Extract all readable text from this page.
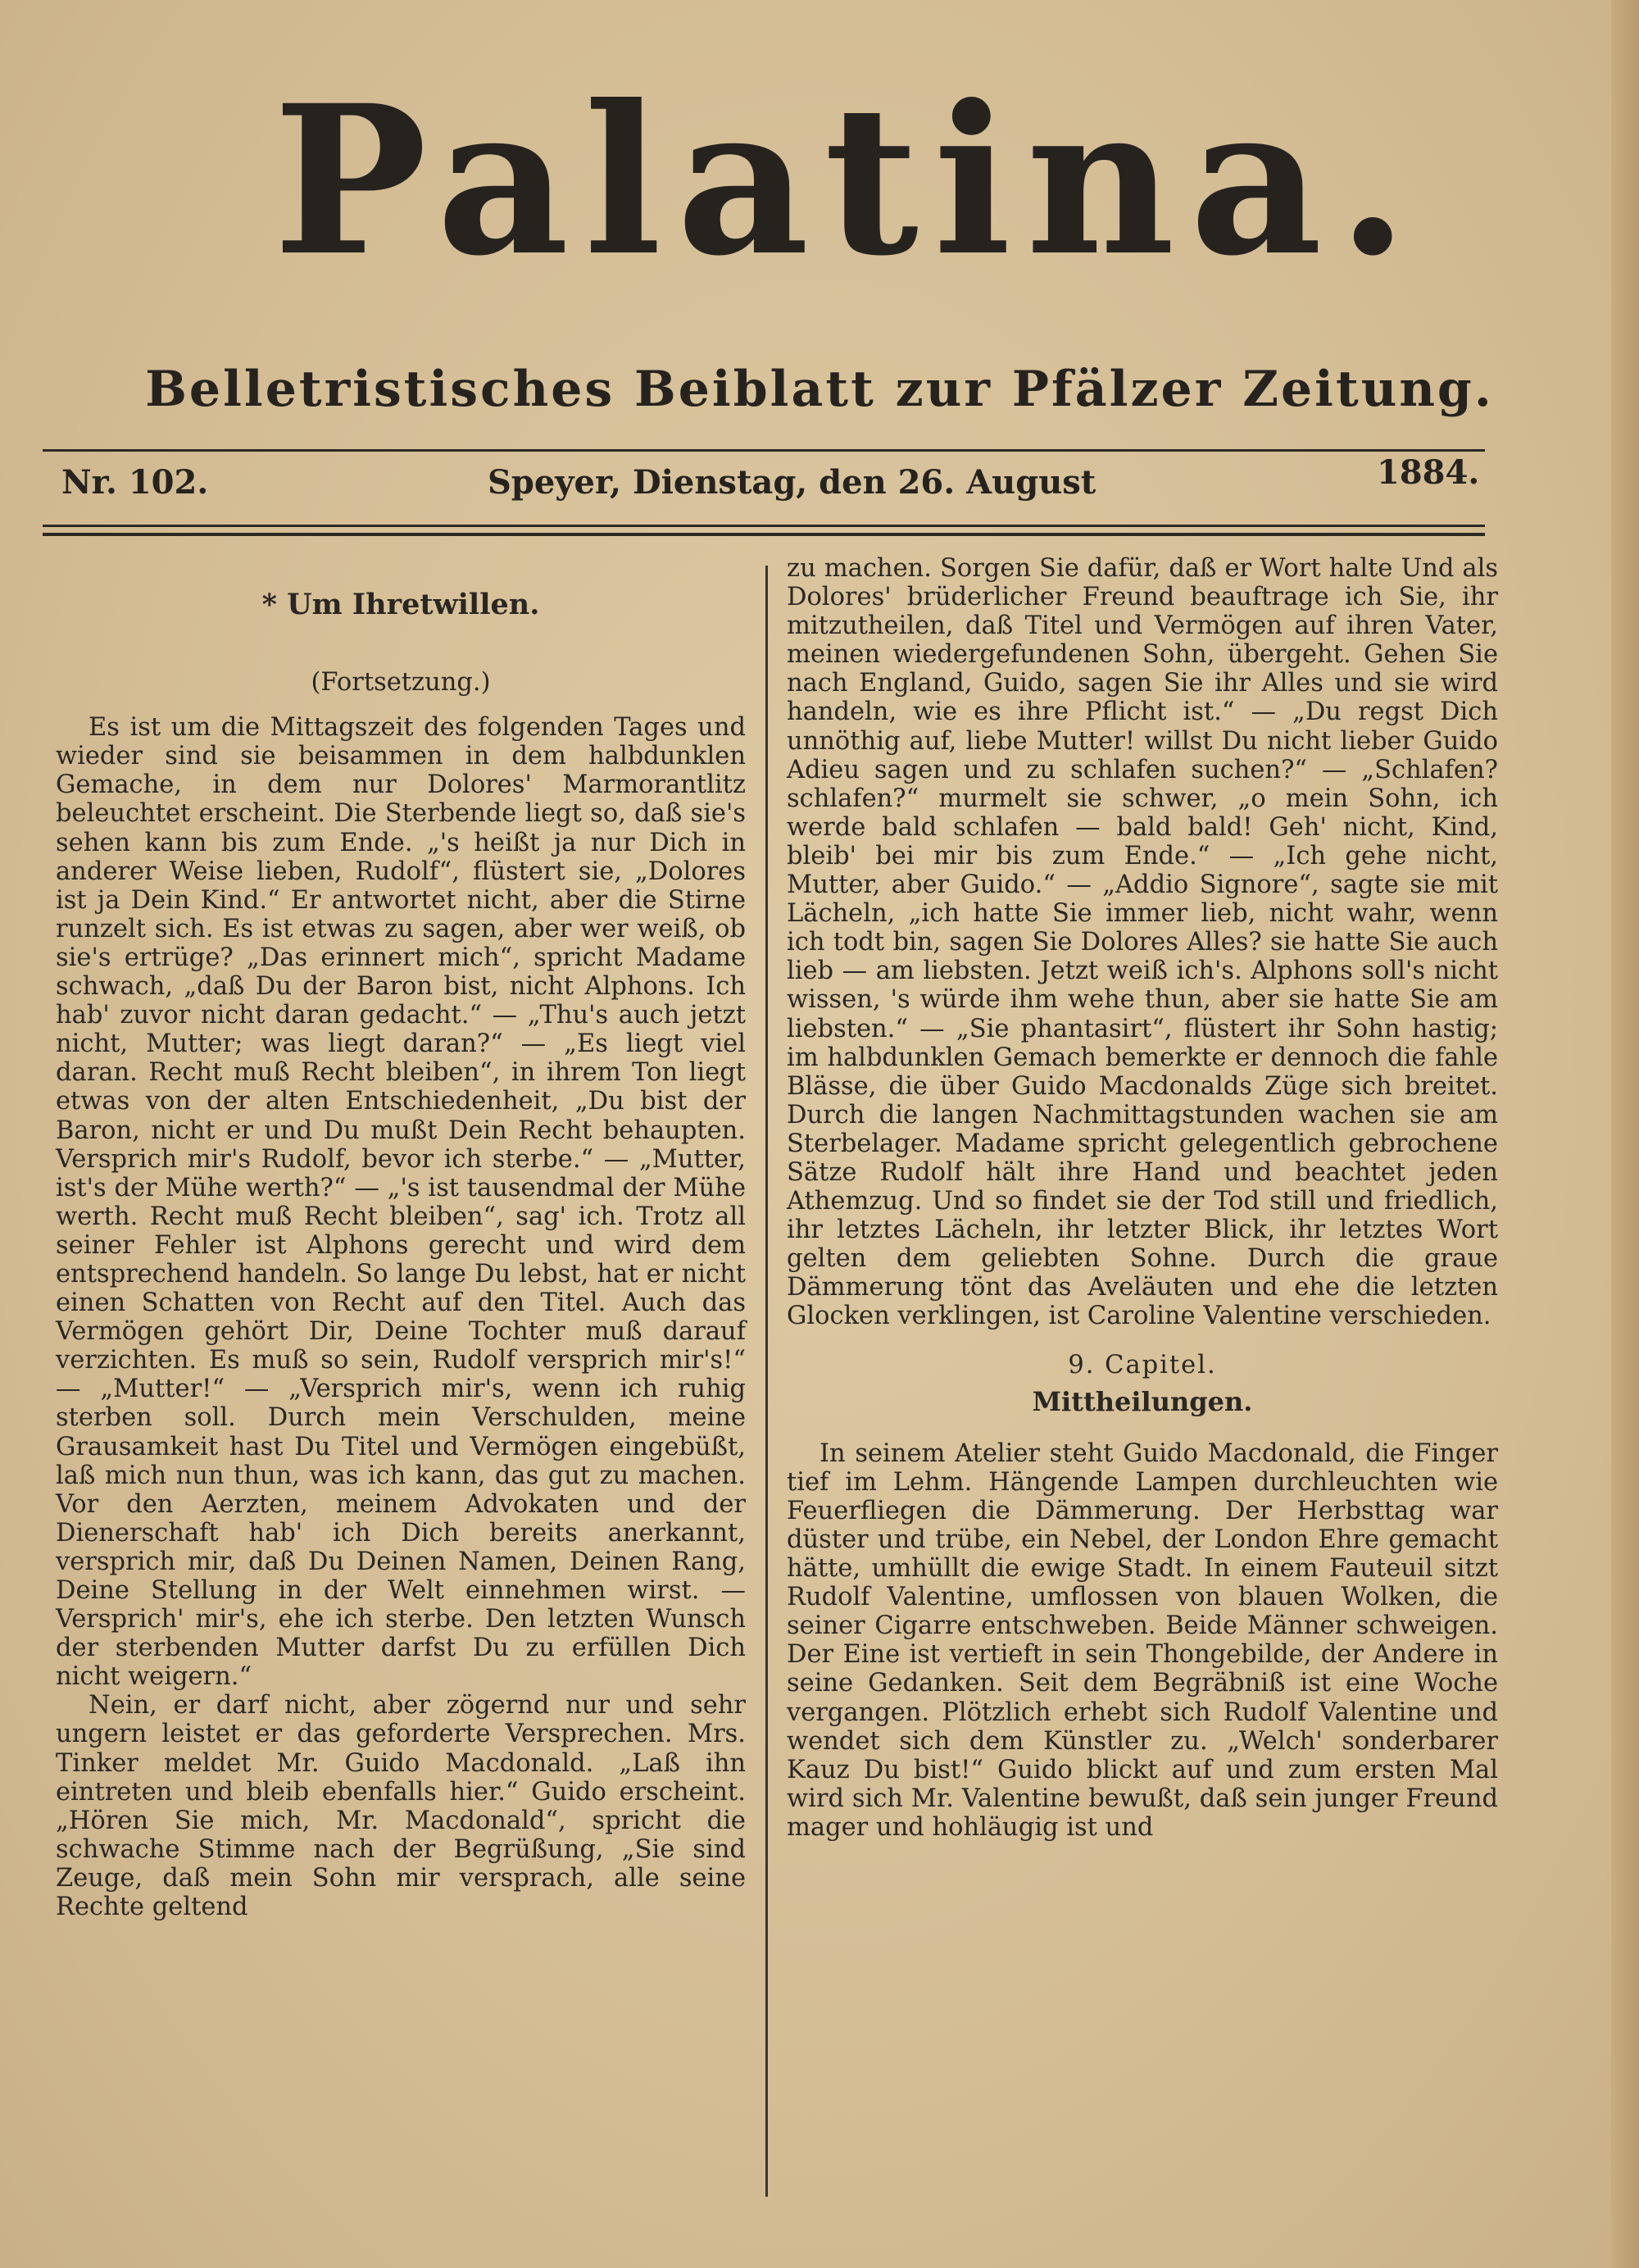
Palatina.
Belletristisches Beiblatt zur Pfälzer Zeitung.
Nr. 102.	Speyer, Dienstag, den 26. August	1884.

* Um Ihretwillen.

(Fortsetzung.)

Es ist um die Mittagszeit des folgenden Tages und wieder sind sie beisammen in dem halbdunklen Gemache, in dem nur Dolores' Marmorantlitz beleuchtet erscheint. Die Sterbende liegt so, daß sie's sehen kann bis zum Ende. „'s heißt ja nur Dich in anderer Weise lieben, Rudolf“, flüstert sie, „Dolores ist ja Dein Kind.“ Er antwortet nicht, aber die Stirne runzelt sich. Es ist etwas zu sagen, aber wer weiß, ob sie's ertrüge? „Das erinnert mich“, spricht Madame schwach, „daß Du der Baron bist, nicht Alphons. Ich hab' zuvor nicht daran gedacht.“ — „Thu's auch jetzt nicht, Mutter; was liegt daran?“ — „Es liegt viel daran. Recht muß Recht bleiben“, in ihrem Ton liegt etwas von der alten Entschiedenheit, „Du bist der Baron, nicht er und Du mußt Dein Recht behaupten. Versprich mir's Rudolf, bevor ich sterbe.“ — „Mutter, ist's der Mühe werth?“ — „'s ist tausendmal der Mühe werth. Recht muß Recht bleiben“, sag' ich. Trotz all seiner Fehler ist Alphons gerecht und wird dem entsprechend handeln. So lange Du lebst, hat er nicht einen Schatten von Recht auf den Titel. Auch das Vermögen gehört Dir, Deine Tochter muß darauf verzichten. Es muß so sein, Rudolf versprich mir's!“ — „Mutter!“ — „Versprich mir's, wenn ich ruhig sterben soll. Durch mein Verschulden, meine Grausamkeit hast Du Titel und Vermögen eingebüßt, laß mich nun thun, was ich kann, das gut zu machen. Vor den Aerzten, meinem Advokaten und der Dienerschaft hab' ich Dich bereits anerkannt, versprich mir, daß Du Deinen Namen, Deinen Rang, Deine Stellung in der Welt einnehmen wirst. — Versprich' mir's, ehe ich sterbe. Den letzten Wunsch der sterbenden Mutter darfst Du zu erfüllen Dich nicht weigern.“

Nein, er darf nicht, aber zögernd nur und sehr ungern leistet er das geforderte Versprechen. Mrs. Tinker meldet Mr. Guido Macdonald. „Laß ihn eintreten und bleib ebenfalls hier.“ Guido erscheint. „Hören Sie mich, Mr. Macdonald“, spricht die schwache Stimme nach der Begrüßung, „Sie sind Zeuge, daß mein Sohn mir versprach, alle seine Rechte geltend

zu machen. Sorgen Sie dafür, daß er Wort halte Und als Dolores' brüderlicher Freund beauftrage ich Sie, ihr mitzutheilen, daß Titel und Vermögen auf ihren Vater, meinen wiedergefundenen Sohn, übergeht. Gehen Sie nach England, Guido, sagen Sie ihr Alles und sie wird handeln, wie es ihre Pflicht ist.“ — „Du regst Dich unnöthig auf, liebe Mutter! willst Du nicht lieber Guido Adieu sagen und zu schlafen suchen?“ — „Schlafen? schlafen?“ murmelt sie schwer, „o mein Sohn, ich werde bald schlafen — bald bald! Geh' nicht, Kind, bleib' bei mir bis zum Ende.“ — „Ich gehe nicht, Mutter, aber Guido.“ — „Addio Signore“, sagte sie mit Lächeln, „ich hatte Sie immer lieb, nicht wahr, wenn ich todt bin, sagen Sie Dolores Alles? sie hatte Sie auch lieb — am liebsten. Jetzt weiß ich's. Alphons soll's nicht wissen, 's würde ihm wehe thun, aber sie hatte Sie am liebsten.“ — „Sie phantasirt“, flüstert ihr Sohn hastig; im halbdunklen Gemach bemerkte er dennoch die fahle Blässe, die über Guido Macdonalds Züge sich breitet. Durch die langen Nachmittagstunden wachen sie am Sterbelager. Madame spricht gelegentlich gebrochene Sätze Rudolf hält ihre Hand und beachtet jeden Athemzug. Und so findet sie der Tod still und friedlich, ihr letztes Lächeln, ihr letzter Blick, ihr letztes Wort gelten dem geliebten Sohne. Durch die graue Dämmerung tönt das Aveläuten und ehe die letzten Glocken verklingen, ist Caroline Valentine verschieden.

9. Capitel.

Mittheilungen.

In seinem Atelier steht Guido Macdonald, die Finger tief im Lehm. Hängende Lampen durchleuchten wie Feuerfliegen die Dämmerung. Der Herbsttag war düster und trübe, ein Nebel, der London Ehre gemacht hätte, umhüllt die ewige Stadt. In einem Fauteuil sitzt Rudolf Valentine, umflossen von blauen Wolken, die seiner Cigarre entschweben. Beide Männer schweigen. Der Eine ist vertieft in sein Thongebilde, der Andere in seine Gedanken. Seit dem Begräbniß ist eine Woche vergangen. Plötzlich erhebt sich Rudolf Valentine und wendet sich dem Künstler zu. „Welch' sonderbarer Kauz Du bist!“ Guido blickt auf und zum ersten Mal wird sich Mr. Valentine bewußt, daß sein junger Freund mager und hohläugig ist und
